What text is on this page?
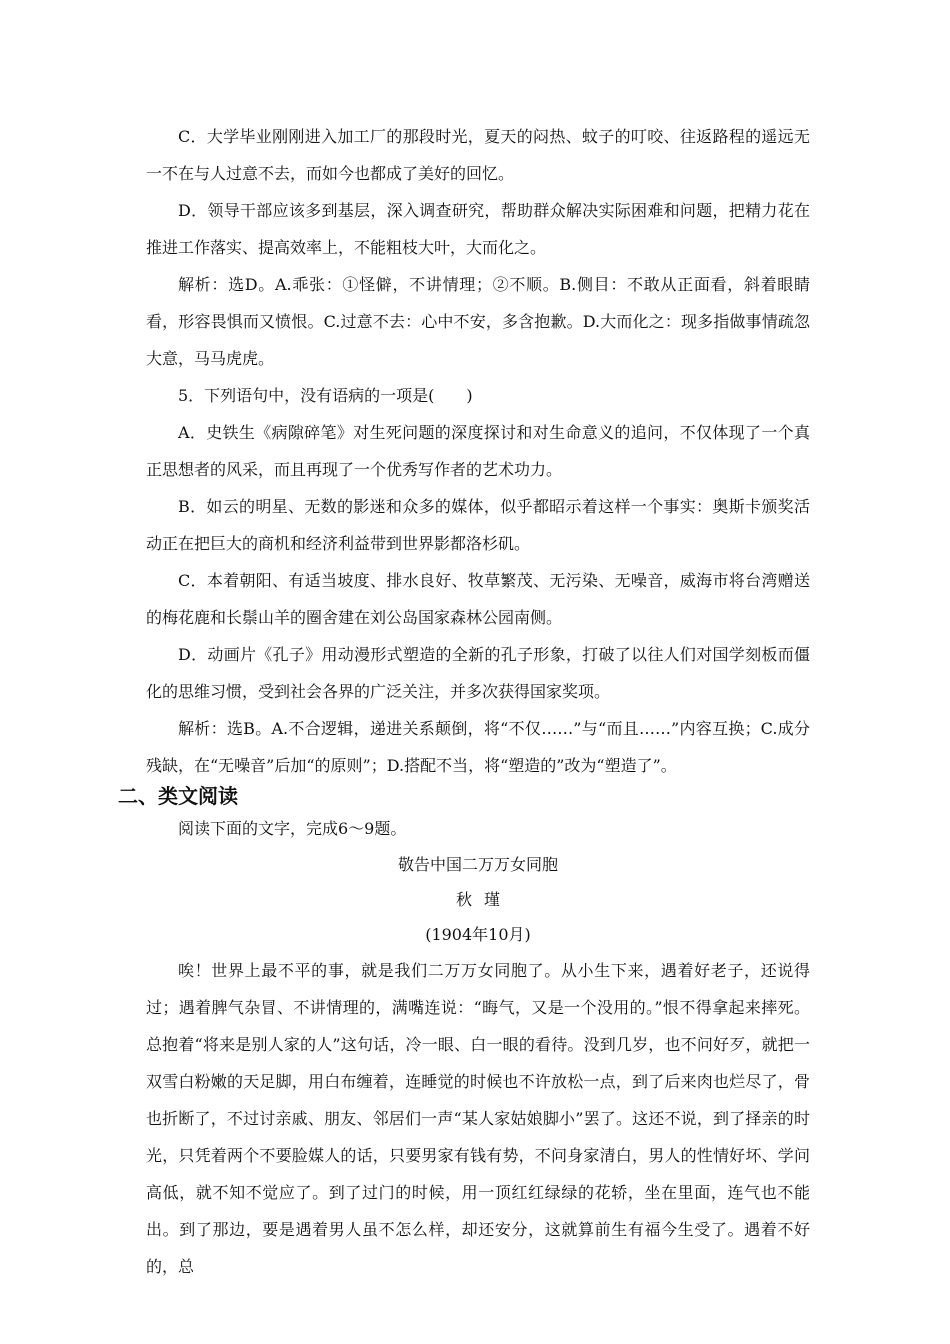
C．大学毕业刚刚进入加工厂的那段时光，夏天的闷热、蚊子的叮咬、往返路程的遥远无一不在与人过意不去，而如今也都成了美好的回忆。

D．领导干部应该多到基层，深入调查研究，帮助群众解决实际困难和问题，把精力花在推进工作落实、提高效率上，不能粗枝大叶，大而化之。

解析：选D。A.乖张：①怪僻，不讲情理；②不顺。B.侧目：不敢从正面看，斜着眼睛看，形容畏惧而又愤恨。C.过意不去：心中不安，多含抱歉。D.大而化之：现多指做事情疏忽大意，马马虎虎。

5．下列语句中，没有语病的一项是(　　)

A．史铁生《病隙碎笔》对生死问题的深度探讨和对生命意义的追问，不仅体现了一个真正思想者的风采，而且再现了一个优秀写作者的艺术功力。

B．如云的明星、无数的影迷和众多的媒体，似乎都昭示着这样一个事实：奥斯卡颁奖活动正在把巨大的商机和经济利益带到世界影都洛杉矶。

C．本着朝阳、有适当坡度、排水良好、牧草繁茂、无污染、无噪音，威海市将台湾赠送的梅花鹿和长鬃山羊的圈舍建在刘公岛国家森林公园南侧。

D．动画片《孔子》用动漫形式塑造的全新的孔子形象，打破了以往人们对国学刻板而僵化的思维习惯，受到社会各界的广泛关注，并多次获得国家奖项。

解析：选B。A.不合逻辑，递进关系颠倒，将“不仅……”与“而且……”内容互换；C.成分残缺，在“无噪音”后加“的原则”；D.搭配不当，将“塑造的”改为“塑造了”。

二、类文阅读

阅读下面的文字，完成6～9题。

敬告中国二万万女同胞

秋瑾

(1904年10月)

唉！世界上最不平的事，就是我们二万万女同胞了。从小生下来，遇着好老子，还说得过；遇着脾气杂冒、不讲情理的，满嘴连说：“晦气，又是一个没用的。”恨不得拿起来摔死。总抱着“将来是别人家的人”这句话，冷一眼、白一眼的看待。没到几岁，也不问好歹，就把一双雪白粉嫩的天足脚，用白布缠着，连睡觉的时候也不许放松一点，到了后来肉也烂尽了，骨也折断了，不过讨亲戚、朋友、邻居们一声“某人家姑娘脚小”罢了。这还不说，到了择亲的时光，只凭着两个不要脸媒人的话，只要男家有钱有势，不问身家清白，男人的性情好坏、学问高低，就不知不觉应了。到了过门的时候，用一顶红红绿绿的花轿，坐在里面，连气也不能出。到了那边，要是遇着男人虽不怎么样，却还安分，这就算前生有福今生受了。遇着不好的，总
